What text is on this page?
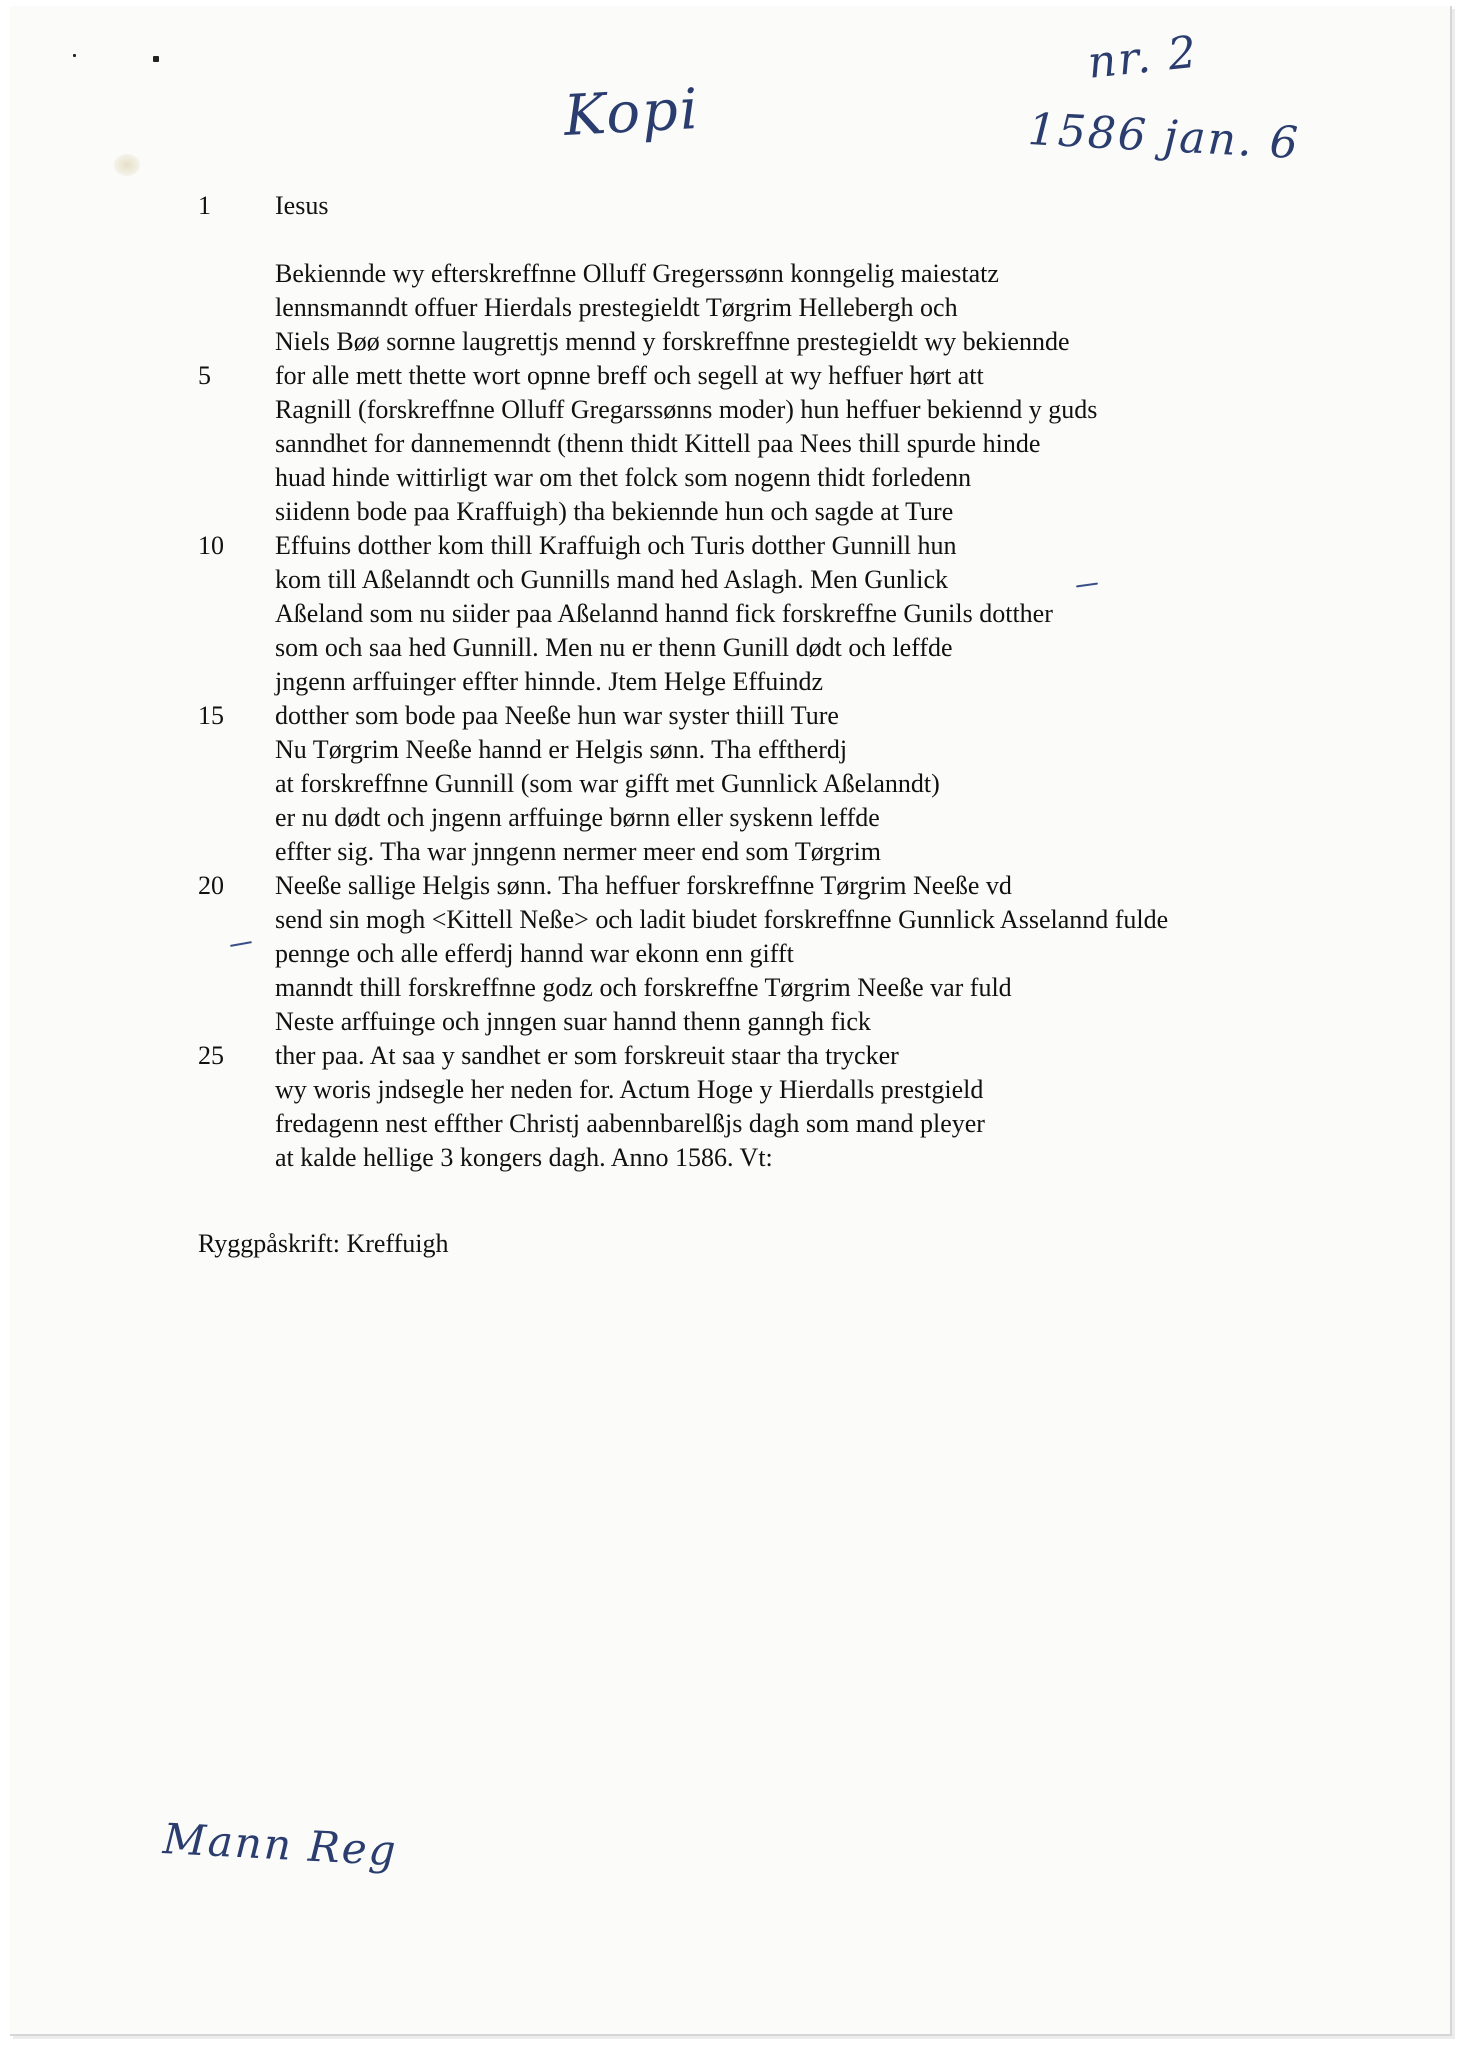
Kopi
nr. 2
1586 jan. 6
1	Iesus
Bekiennde wy efterskreffnne Olluff Gregerssønn konngelig maiestatz
lennsmanndt offuer Hierdals prestegieldt Tørgrim Hellebergh och
Niels Bøø sornne laugrettjs mennd y forskreffnne prestegieldt wy bekiennde
5	for alle mett thette wort opnne breff och segell at wy heffuer hørt att
Ragnill (forskreffnne Olluff Gregarssønns moder) hun heffuer bekiennd y guds
sanndhet for dannemenndt (thenn thidt Kittell paa Nees thill spurde hinde
huad hinde wittirligt war om thet folck som nogenn thidt forledenn
siidenn bode paa Kraffuigh) tha bekiennde hun och sagde at Ture
10	Effuins dotther kom thill Kraffuigh och Turis dotther Gunnill hun
kom till Aßelanndt och Gunnills mand hed Aslagh. Men Gunlick
Aßeland som nu siider paa Aßelannd hannd fick forskreffne Gunils dotther
som och saa hed Gunnill. Men nu er thenn Gunill dødt och leffde
jngenn arffuinger effter hinnde. Jtem Helge Effuindz
15	dotther som bode paa Neeße hun war syster thiill Ture
Nu Tørgrim Neeße hannd er Helgis sønn. Tha efftherdj
at forskreffnne Gunnill (som war gifft met Gunnlick Aßelanndt)
er nu dødt och jngenn arffuinge børnn eller syskenn leffde
effter sig. Tha war jnngenn nermer meer end som Tørgrim
20	Neeße sallige Helgis sønn. Tha heffuer forskreffnne Tørgrim Neeße vd
send sin mogh <Kittell Neße> och ladit biudet forskreffnne Gunnlick Asselannd fulde
pennge och alle efferdj hannd war ekonn enn gifft
manndt thill forskreffnne godz och forskreffne Tørgrim Neeße var fuld
Neste arffuinge och jnngen suar hannd thenn ganngh fick
25	ther paa. At saa y sandhet er som forskreuit staar tha trycker
wy woris jndsegle her neden for. Actum Hoge y Hierdalls prestgield
fredagenn nest effther Christj aabennbarelßjs dagh som mand pleyer
at kalde hellige 3 kongers dagh. Anno 1586. Vt:
Ryggpåskrift: Kreffuigh
Mann Reg
